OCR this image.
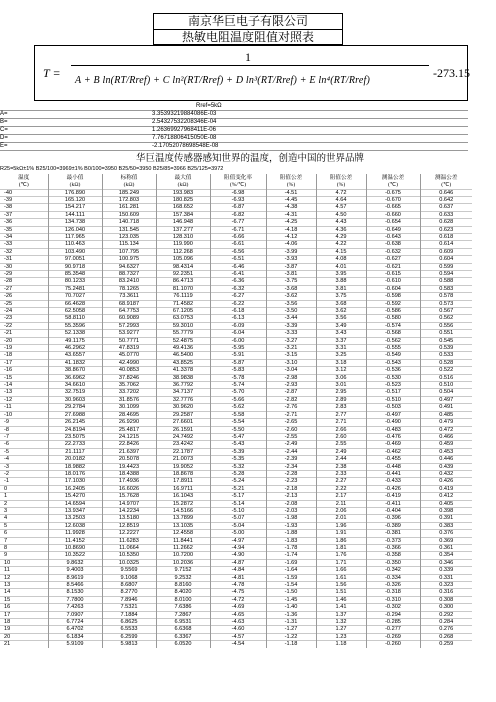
南京华巨电子有限公司
热敏电阻温度阻值对照表
T =
1
A + B ln(RT/Rref) + C ln²(RT/Rref) + D ln³(RT/Rref) + E ln⁴(RT/Rref)
-273.15
Rref=5kΩ
A=	3.35393219884086E-03
B=	2.54327532208346E-04
C=	1.26369927968411E-06
D=	7.76718806415050E-08
E=	-2.17052078698548E-08
华巨温度传感器感知世界的温度，创造中国的世界品牌
R25=5kΩ±1% B25/100=3969±1% B0/100=3950 B25/50=3950 B25/85=3966 B25/125=3972
温度	最小值	标称值	最大值	阻值变化率	阻值公差	阻值公差	测温公差	测温公差
(℃)	(kΩ)	(kΩ)	(kΩ)	(%/℃)	(%)	(%)	(℃)	(℃)
-40	176.890	185.249	193.983	-6.98	-4.51	4.72	-0.675	0.646
-39	165.120	172.803	180.825	-6.93	-4.45	4.64	-0.670	0.642
-38	154.217	161.281	168.652	-6.87	-4.38	4.57	-0.665	0.637
-37	144.111	150.609	157.384	-6.82	-4.31	4.50	-0.660	0.633
-36	134.738	140.718	146.948	-6.77	-4.25	4.43	-0.654	0.628
-35	126.040	131.545	137.277	-6.71	-4.18	4.36	-0.649	0.623
-34	117.965	123.035	128.310	-6.66	-4.12	4.29	-0.643	0.618
-33	110.463	115.134	119.990	-6.61	-4.06	4.22	-0.638	0.614
-32	103.490	107.795	112.268	-6.56	-3.99	4.15	-0.632	0.609
-31	97.0051	100.975	105.096	-6.51	-3.93	4.08	-0.627	0.604
-30	90.9718	94.6327	98.4314	-6.46	-3.87	4.01	-0.621	0.599
-29	85.3548	88.7327	92.2351	-6.41	-3.81	3.95	-0.615	0.594
-28	80.1233	83.2410	86.4713	-6.36	-3.75	3.88	-0.610	0.588
-27	75.2481	78.1265	81.1070	-6.32	-3.68	3.81	-0.604	0.583
-26	70.7027	73.3611	76.1119	-6.27	-3.62	3.75	-0.598	0.578
-25	66.4628	68.9187	71.4582	-6.22	-3.56	3.68	-0.592	0.573
-24	62.5058	64.7753	67.1205	-6.18	-3.50	3.62	-0.586	0.567
-23	58.8110	60.9089	63.0753	-6.13	-3.44	3.56	-0.580	0.562
-22	55.3596	57.2993	59.3010	-6.09	-3.39	3.49	-0.574	0.556
-21	52.1338	53.9277	55.7779	-6.04	-3.33	3.43	-0.568	0.551
-20	49.1175	50.7771	52.4875	-6.00	-3.27	3.37	-0.562	0.545
-19	46.2962	47.8319	49.4136	-5.95	-3.21	3.31	-0.555	0.539
-18	43.6557	45.0770	46.5400	-5.91	-3.15	3.25	-0.549	0.533
-17	41.1832	42.4990	43.8525	-5.87	-3.10	3.18	-0.543	0.528
-16	38.8670	40.0853	41.3378	-5.83	-3.04	3.12	-0.536	0.522
-15	36.6962	37.8246	38.9838	-5.78	-2.98	3.06	-0.530	0.516
-14	34.6610	35.7062	36.7792	-5.74	-2.93	3.01	-0.523	0.510
-13	32.7519	33.7202	34.7137	-5.70	-2.87	2.95	-0.517	0.504
-12	30.9603	31.8576	32.7776	-5.66	-2.82	2.89	-0.510	0.497
-11	29.2784	30.1099	30.9620	-5.62	-2.76	2.83	-0.503	0.491
-10	27.6988	28.4695	29.2587	-5.58	-2.71	2.77	-0.497	0.485
-9	26.2145	26.9290	27.6601	-5.54	-2.65	2.71	-0.490	0.479
-8	24.8194	25.4817	26.1591	-5.50	-2.60	2.66	-0.483	0.472
-7	23.5075	24.1215	24.7492	-5.47	-2.55	2.60	-0.476	0.466
-6	22.2733	22.8426	23.4242	-5.43	-2.49	2.55	-0.469	0.459
-5	21.1117	21.6397	22.1787	-5.39	-2.44	2.49	-0.462	0.453
-4	20.0182	20.5078	21.0073	-5.35	-2.39	2.44	-0.455	0.446
-3	18.9882	19.4423	19.9052	-5.32	-2.34	2.38	-0.448	0.439
-2	18.0176	18.4388	18.8678	-5.28	-2.28	2.33	-0.441	0.432
-1	17.1030	17.4936	17.8911	-5.24	-2.23	2.27	-0.433	0.426
0	16.2405	16.6026	16.9711	-5.21	-2.18	2.22	-0.426	0.419
1	15.4270	15.7628	16.1043	-5.17	-2.13	2.17	-0.419	0.412
2	14.6594	14.9707	15.2872	-5.14	-2.08	2.11	-0.411	0.405
3	13.9347	14.2234	14.5166	-5.10	-2.03	2.06	-0.404	0.398
4	13.2503	13.5180	13.7899	-5.07	-1.98	2.01	-0.396	0.391
5	12.6038	12.8519	13.1035	-5.04	-1.93	1.96	-0.389	0.383
6	11.9928	12.2227	12.4558	-5.00	-1.88	1.91	-0.381	0.376
7	11.4152	11.6283	11.8441	-4.97	-1.83	1.86	-0.373	0.369
8	10.8690	11.0664	11.2662	-4.94	-1.78	1.81	-0.366	0.361
9	10.3522	10.5350	10.7200	-4.90	-1.74	1.76	-0.358	0.354
10	9.8632	10.0325	10.2036	-4.87	-1.69	1.71	-0.350	0.346
11	9.4003	9.5569	9.7152	-4.84	-1.64	1.66	-0.342	0.339
12	8.9619	9.1068	9.2532	-4.81	-1.59	1.61	-0.334	0.331
13	8.5466	8.6807	8.8160	-4.78	-1.54	1.56	-0.326	0.323
14	8.1530	8.2770	8.4020	-4.75	-1.50	1.51	-0.318	0.316
15	7.7800	7.8946	8.0100	-4.72	-1.45	1.46	-0.310	0.308
16	7.4263	7.5321	7.6386	-4.69	-1.40	1.41	-0.302	0.300
17	7.0907	7.1884	7.2867	-4.65	-1.36	1.37	-0.294	0.292
18	6.7724	6.8625	6.9531	-4.63	-1.31	1.32	-0.285	0.284
19	6.4702	6.5533	6.6368	-4.60	-1.27	1.27	-0.277	0.276
20	6.1834	6.2599	6.3367	-4.57	-1.22	1.23	-0.269	0.268
21	5.9109	5.9813	6.0520	-4.54	-1.18	1.18	-0.260	0.259
